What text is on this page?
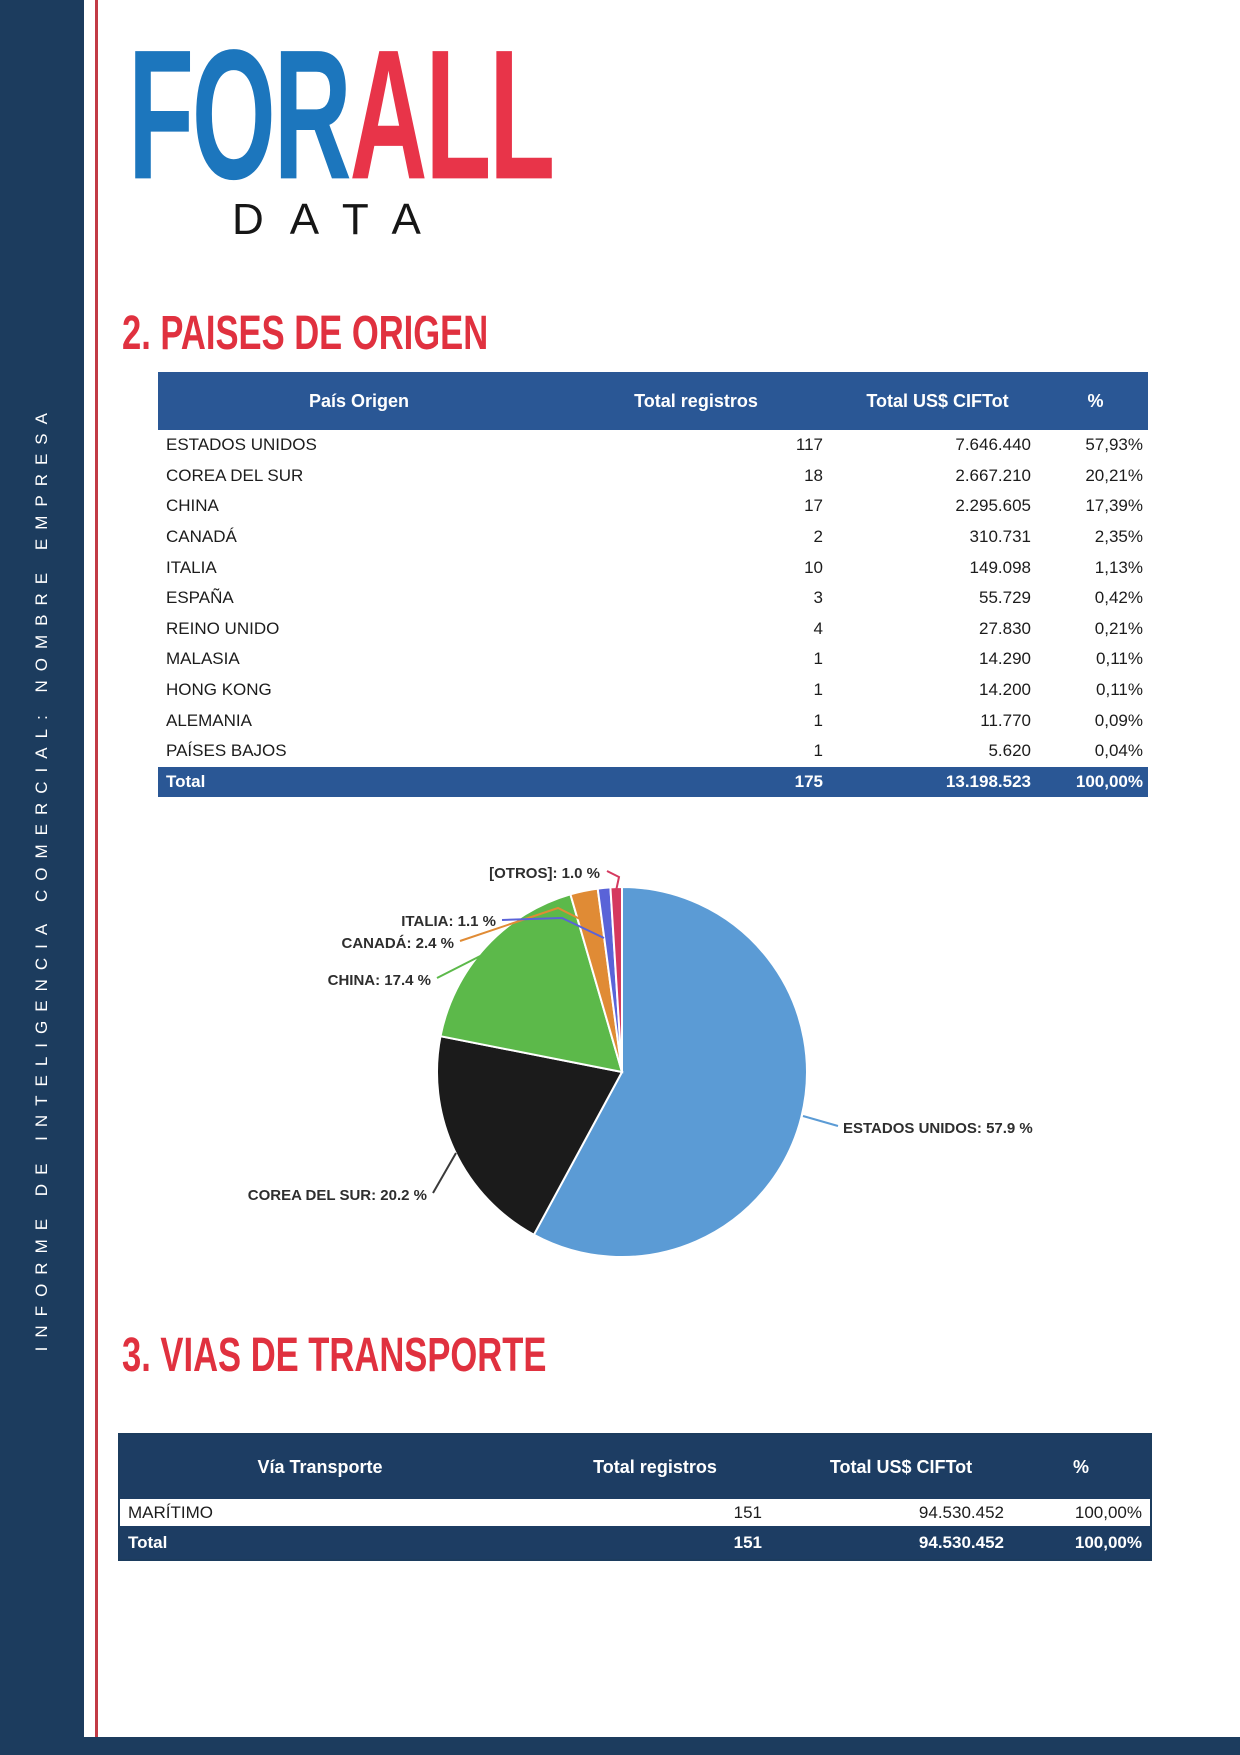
INFORME DE INTELIGENCIA COMERCIAL: NOMBRE EMPRESA
FORALL
DATA
2. PAISES DE ORIGEN
País Origen	Total registros	Total US$ CIFTot	%
ESTADOS UNIDOS	117	7.646.440	57,93%
COREA DEL SUR	18	2.667.210	20,21%
CHINA	17	2.295.605	17,39%
CANADÁ	2	310.731	2,35%
ITALIA	10	149.098	1,13%
ESPAÑA	3	55.729	0,42%
REINO UNIDO	4	27.830	0,21%
MALASIA	1	14.290	0,11%
HONG KONG	1	14.200	0,11%
ALEMANIA	1	11.770	0,09%
PAÍSES BAJOS	1	5.620	0,04%
Total	175	13.198.523	100,00%
ESTADOS UNIDOS: 57.9 %
COREA DEL SUR: 20.2 %
CHINA: 17.4 %
CANADÁ: 2.4 %
ITALIA: 1.1 %
[OTROS]: 1.0 %
3. VIAS DE TRANSPORTE
Vía Transporte	Total registros	Total US$ CIFTot	%
MARÍTIMO	151	94.530.452	100,00%
Total	151	94.530.452	100,00%
